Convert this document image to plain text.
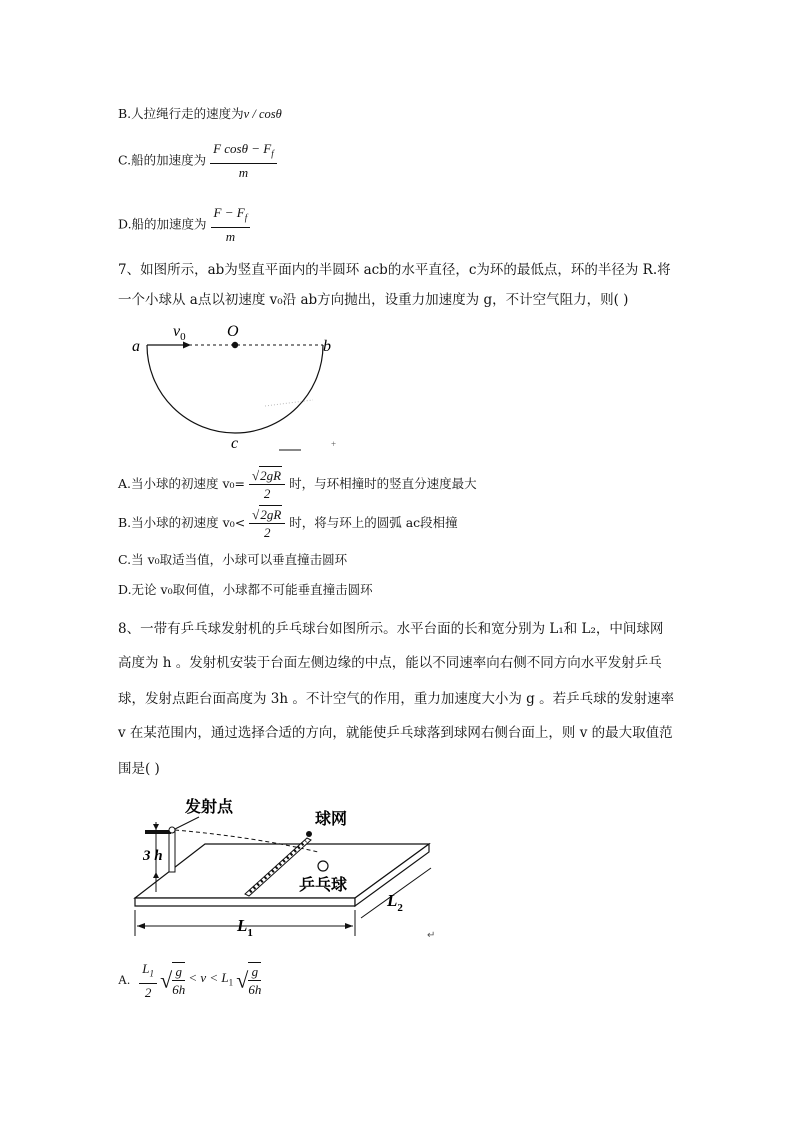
B.人拉绳行走的速度为v / cosθ
C.船的加速度为 $\frac{F \cos\theta - F_f}{m}$
D.船的加速度为 $\frac{F - F_f}{m}$
7、如图所示，ab为竖直平面内的半圆环 acb的水平直径，c为环的最低点，环的半径为 R.将
一个小球从 a点以初速度 v₀沿 ab方向抛出，设重力加速度为 g，不计空气阻力，则( )
a	b
c
O
$v_0$
+
A.当小球的初速度 $v_0= \frac{√2gR}{2}$ 时，与环相撞时的竖直分速度最大
B.当小球的初速度 $v_0< \frac{√2gR}{2}$ 时，将与环上的圆弧 ac段相撞
C.当 v₀取适当值，小球可以垂直撞击圆环
D.无论 v₀取何值，小球都不可能垂直撞击圆环
8、一带有乒乓球发射机的乒乓球台如图所示。水平台面的长和宽分别为 L₁和 L₂，中间球网
高度为 h 。发射机安装于台面左侧边缘的中点，能以不同速率向右侧不同方向水平发射乒乓
球，发射点距台面高度为 3h 。不计空气的作用，重力加速度大小为 g 。若乒乓球的发射速率
v 在某范围内，通过选择合适的方向，就能使乒乓球落到球网右侧台面上，则 v 的最大取值范
围是( )
3 h
发射点
球网
乒乓球
$L_1$
$L_2$
↵
A. $\frac{L_1}{2}$ √ $\frac{g}{6h} < v < L_1$ √ $\frac{g}{6h}$
